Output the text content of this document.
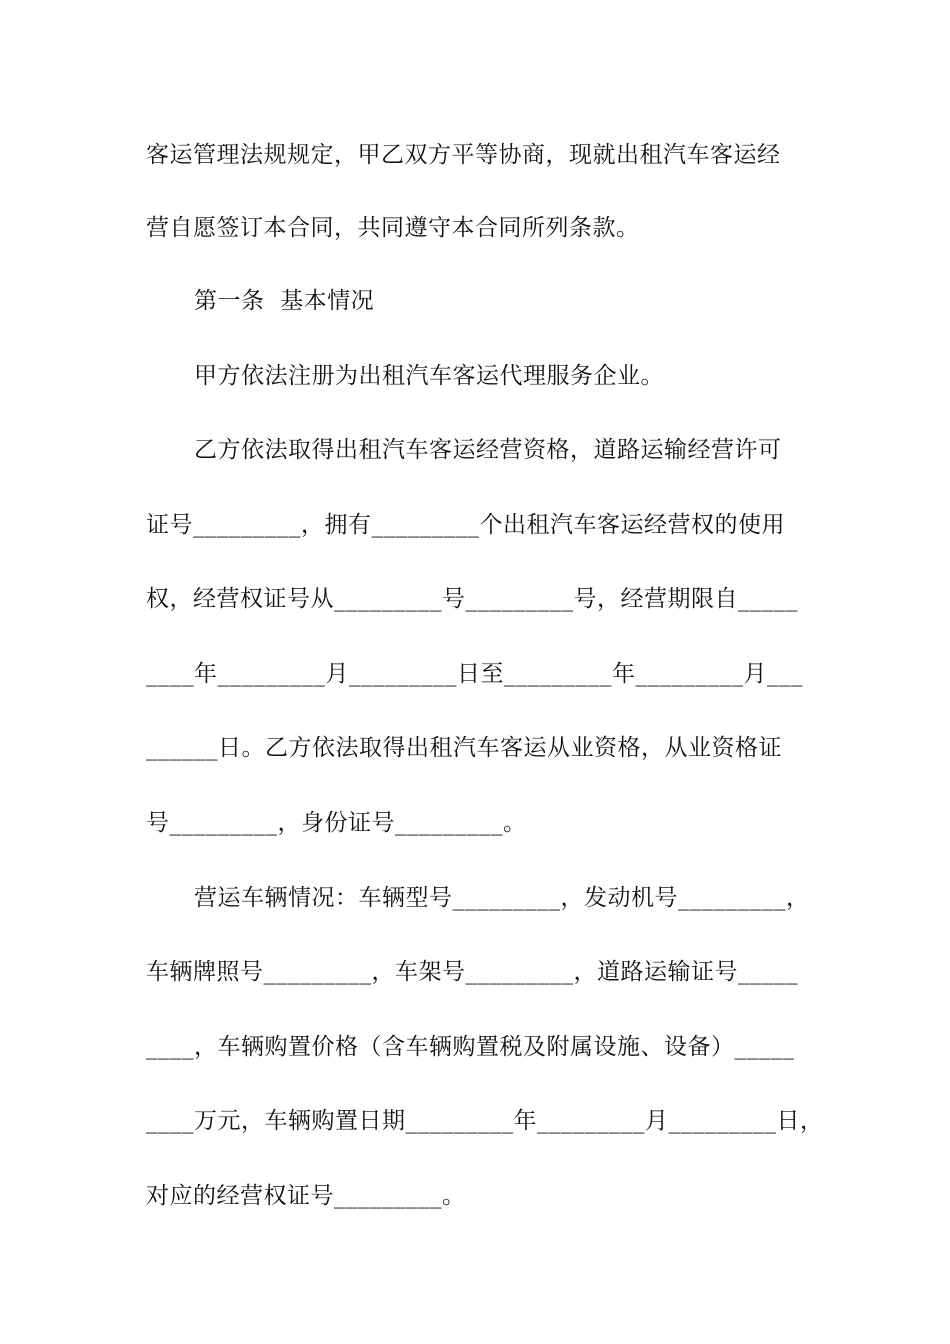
客运管理法规规定，甲乙双方平等协商，现就出租汽车客运经
营自愿签订本合同，共同遵守本合同所列条款。
第一条  基本情况
甲方依法注册为出租汽车客运代理服务企业。
乙方依法取得出租汽车客运经营资格，道路运输经营许可
证号_________，拥有_________个出租汽车客运经营权的使用
权，经营权证号从_________号_________号，经营期限自_____
____年_________月_________日至_________年_________月___
______日。乙方依法取得出租汽车客运从业资格，从业资格证
号_________，身份证号_________。
营运车辆情况：车辆型号_________，发动机号_________，
车辆牌照号_________，车架号_________，道路运输证号_____
____，车辆购置价格（含车辆购置税及附属设施、设备）_____
____万元，车辆购置日期_________年_________月_________日，
对应的经营权证号_________。
